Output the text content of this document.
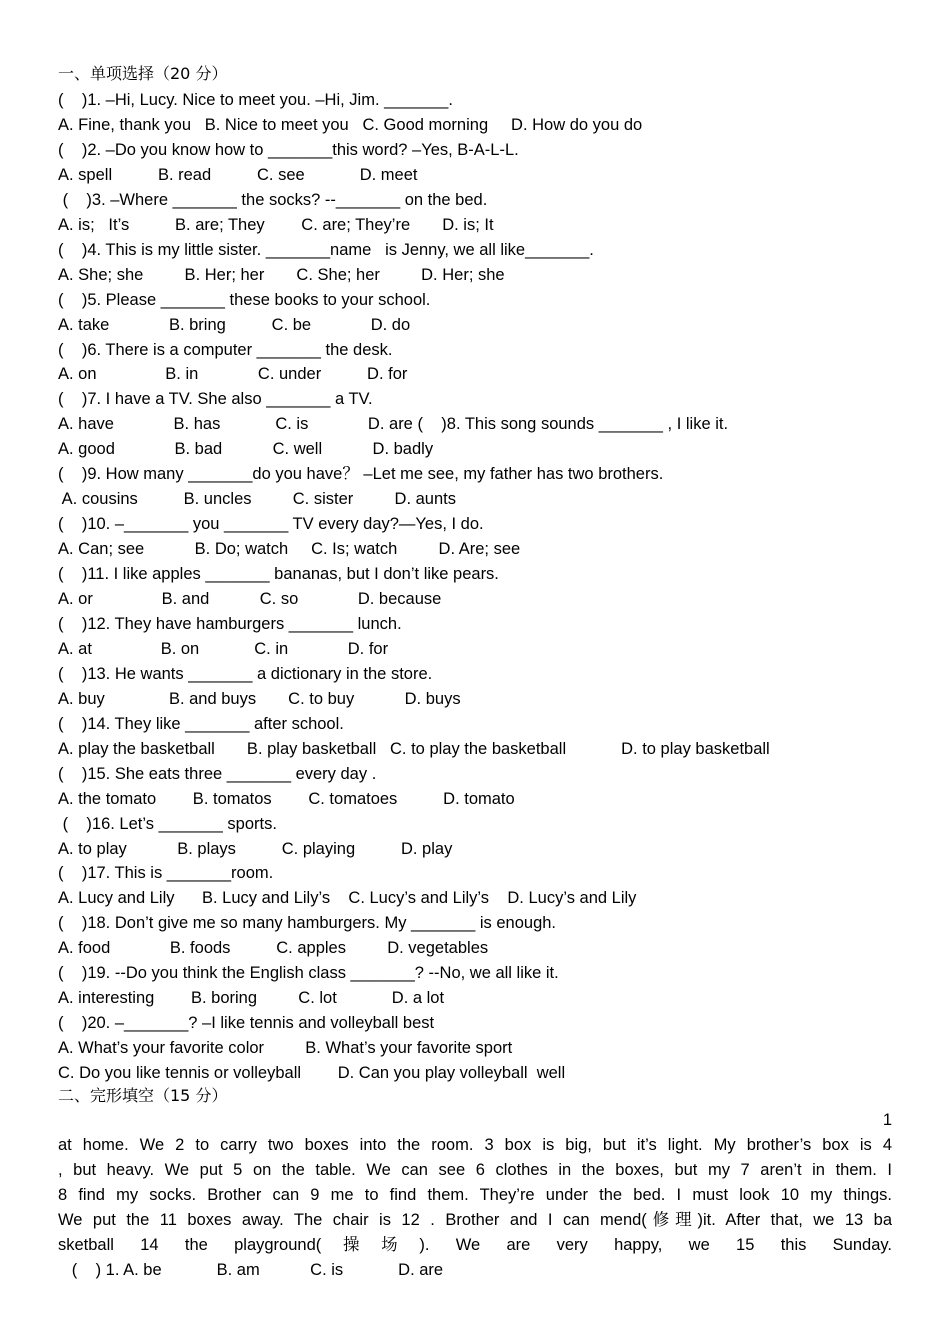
一、单项选择（20 分）
(    )1. –Hi, Lucy. Nice to meet you. –Hi, Jim. _______.
A. Fine, thank you   B. Nice to meet you   C. Good morning     D. How do you do
(    )2. –Do you know how to _______this word? –Yes, B-A-L-L.
A. spell          B. read          C. see            D. meet
(    )3. –Where _______ the socks? --_______ on the bed.
A. is;   It’s          B. are; They        C. are; They’re       D. is; It
(    )4. This is my little sister. _______name   is Jenny, we all like_______.
A. She; she         B. Her; her       C. She; her         D. Her; she
(    )5. Please _______ these books to your school.
A. take             B. bring          C. be             D. do
(    )6. There is a computer _______ the desk.
A. on               B. in             C. under          D. for
(    )7. I have a TV. She also _______ a TV.
A. have             B. has            C. is             D. are (    )8. This song sounds _______ , I like it.
A. good             B. bad           C. well           D. badly
(    )9. How many _______do you have？ –Let me see, my father has two brothers.
A. cousins          B. uncles         C. sister         D. aunts
(    )10. –_______ you _______ TV every day?—Yes, I do.
A. Can; see           B. Do; watch     C. Is; watch         D. Are; see
(    )11. I like apples _______ bananas, but I don’t like pears.
A. or               B. and           C. so             D. because
(    )12. They have hamburgers _______ lunch.
A. at               B. on            C. in             D. for
(    )13. He wants _______ a dictionary in the store.
A. buy              B. and buys       C. to buy           D. buys
(    )14. They like _______ after school.
A. play the basketball       B. play basketball   C. to play the basketball            D. to play basketball
(    )15. She eats three _______ every day .
A. the tomato        B. tomatos        C. tomatoes          D. tomato
(    )16. Let’s _______ sports.
A. to play           B. plays          C. playing          D. play
(    )17. This is _______room.
A. Lucy and Lily      B. Lucy and Lily’s    C. Lucy’s and Lily’s    D. Lucy’s and Lily
(    )18. Don’t give me so many hamburgers. My _______ is enough.
A. food             B. foods          C. apples         D. vegetables
(    )19. --Do you think the English class _______? --No, we all like it.
A. interesting        B. boring         C. lot            D. a lot
(    )20. –_______? –I like tennis and volleyball best
A. What’s your favorite color         B. What’s your favorite sport
C. Do you like tennis or volleyball        D. Can you play volleyball  well
二、完形填空（15 分）

1

at home. We 2 to carry two boxes into the room. 3 box is big, but it’s light. My brother’s box is 4
, but heavy. We put 5 on the table. We can see 6 clothes in the boxes, but my 7 aren’t in them. I
8 find my socks. Brother can 9 me to find them. They’re under the bed. I must look 10 my things.
We put the 11 boxes away. The chair is 12 . Brother and I can mend(修理)it. After that, we 13 ba
sketball 14 the playground(操场). We are very happy, we 15 this Sunday.
(    ) 1. A. be            B. am           C. is            D. are
